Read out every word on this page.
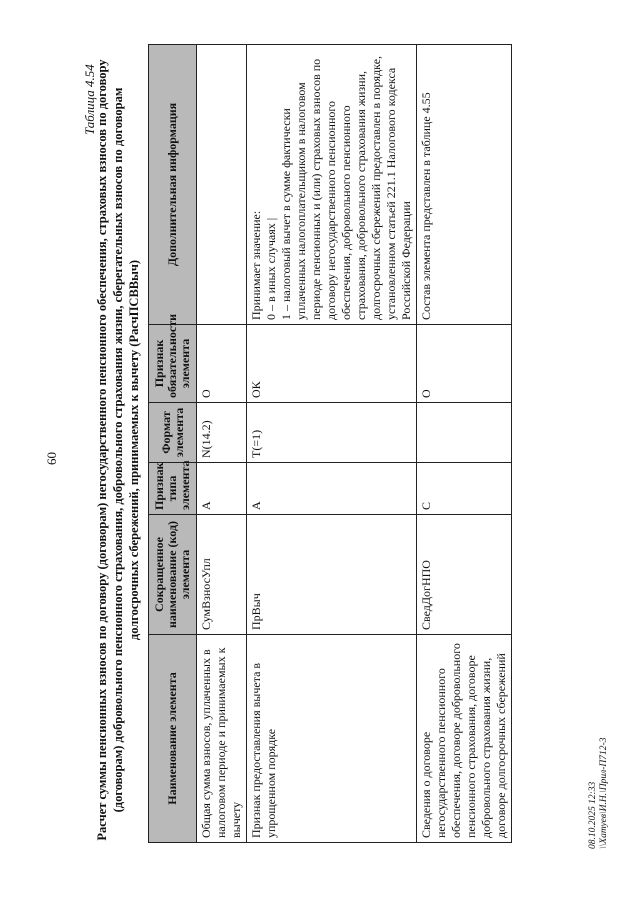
60
Таблица 4.54
Расчет суммы пенсионных взносов по договору (договорам) негосударственного пенсионного обеспечения, страховых взносов по договору (договорам) добровольного пенсионного страхования, добровольного страхования жизни, сберегательных взносов по договорам долгосрочных сбережений, принимаемых к вычету (РасчПСВВыч)
Наименование элемента	Сокращенное наименование (код) элемента	Признак типа элемента	Формат элемента	Признак обязательности элемента	Дополнительная информация
Общая сумма взносов, уплаченных в налоговом периоде и принимаемых к вычету	СумВзносУпл	А	N(14.2)	О	
Признак предоставления вычета в упрощенном порядке	ПрВыч	А	T(=1)	ОК	Принимает значение:
0 – в иных случаях |
1 – налоговый вычет в сумме фактически уплаченных налогоплательщиком в налоговом периоде пенсионных и (или) страховых взносов по договору негосударственного пенсионного обеспечения, добровольного пенсионного страхования, добровольного страхования жизни, долгосрочных сбережений предоставлен в порядке, установленном статьей 221.1 Налогового кодекса Российской Федерации
Сведения о договоре негосударственного пенсионного обеспечения, договоре добровольного пенсионного страхования, договоре добровольного страхования жизни, договоре долгосрочных сбережений	СведДогНПО	С		О	Состав элемента представлен в таблице 4.55
08.10.2025 12:33 \\Хатуев\И.Н.\Прил-П712-3
